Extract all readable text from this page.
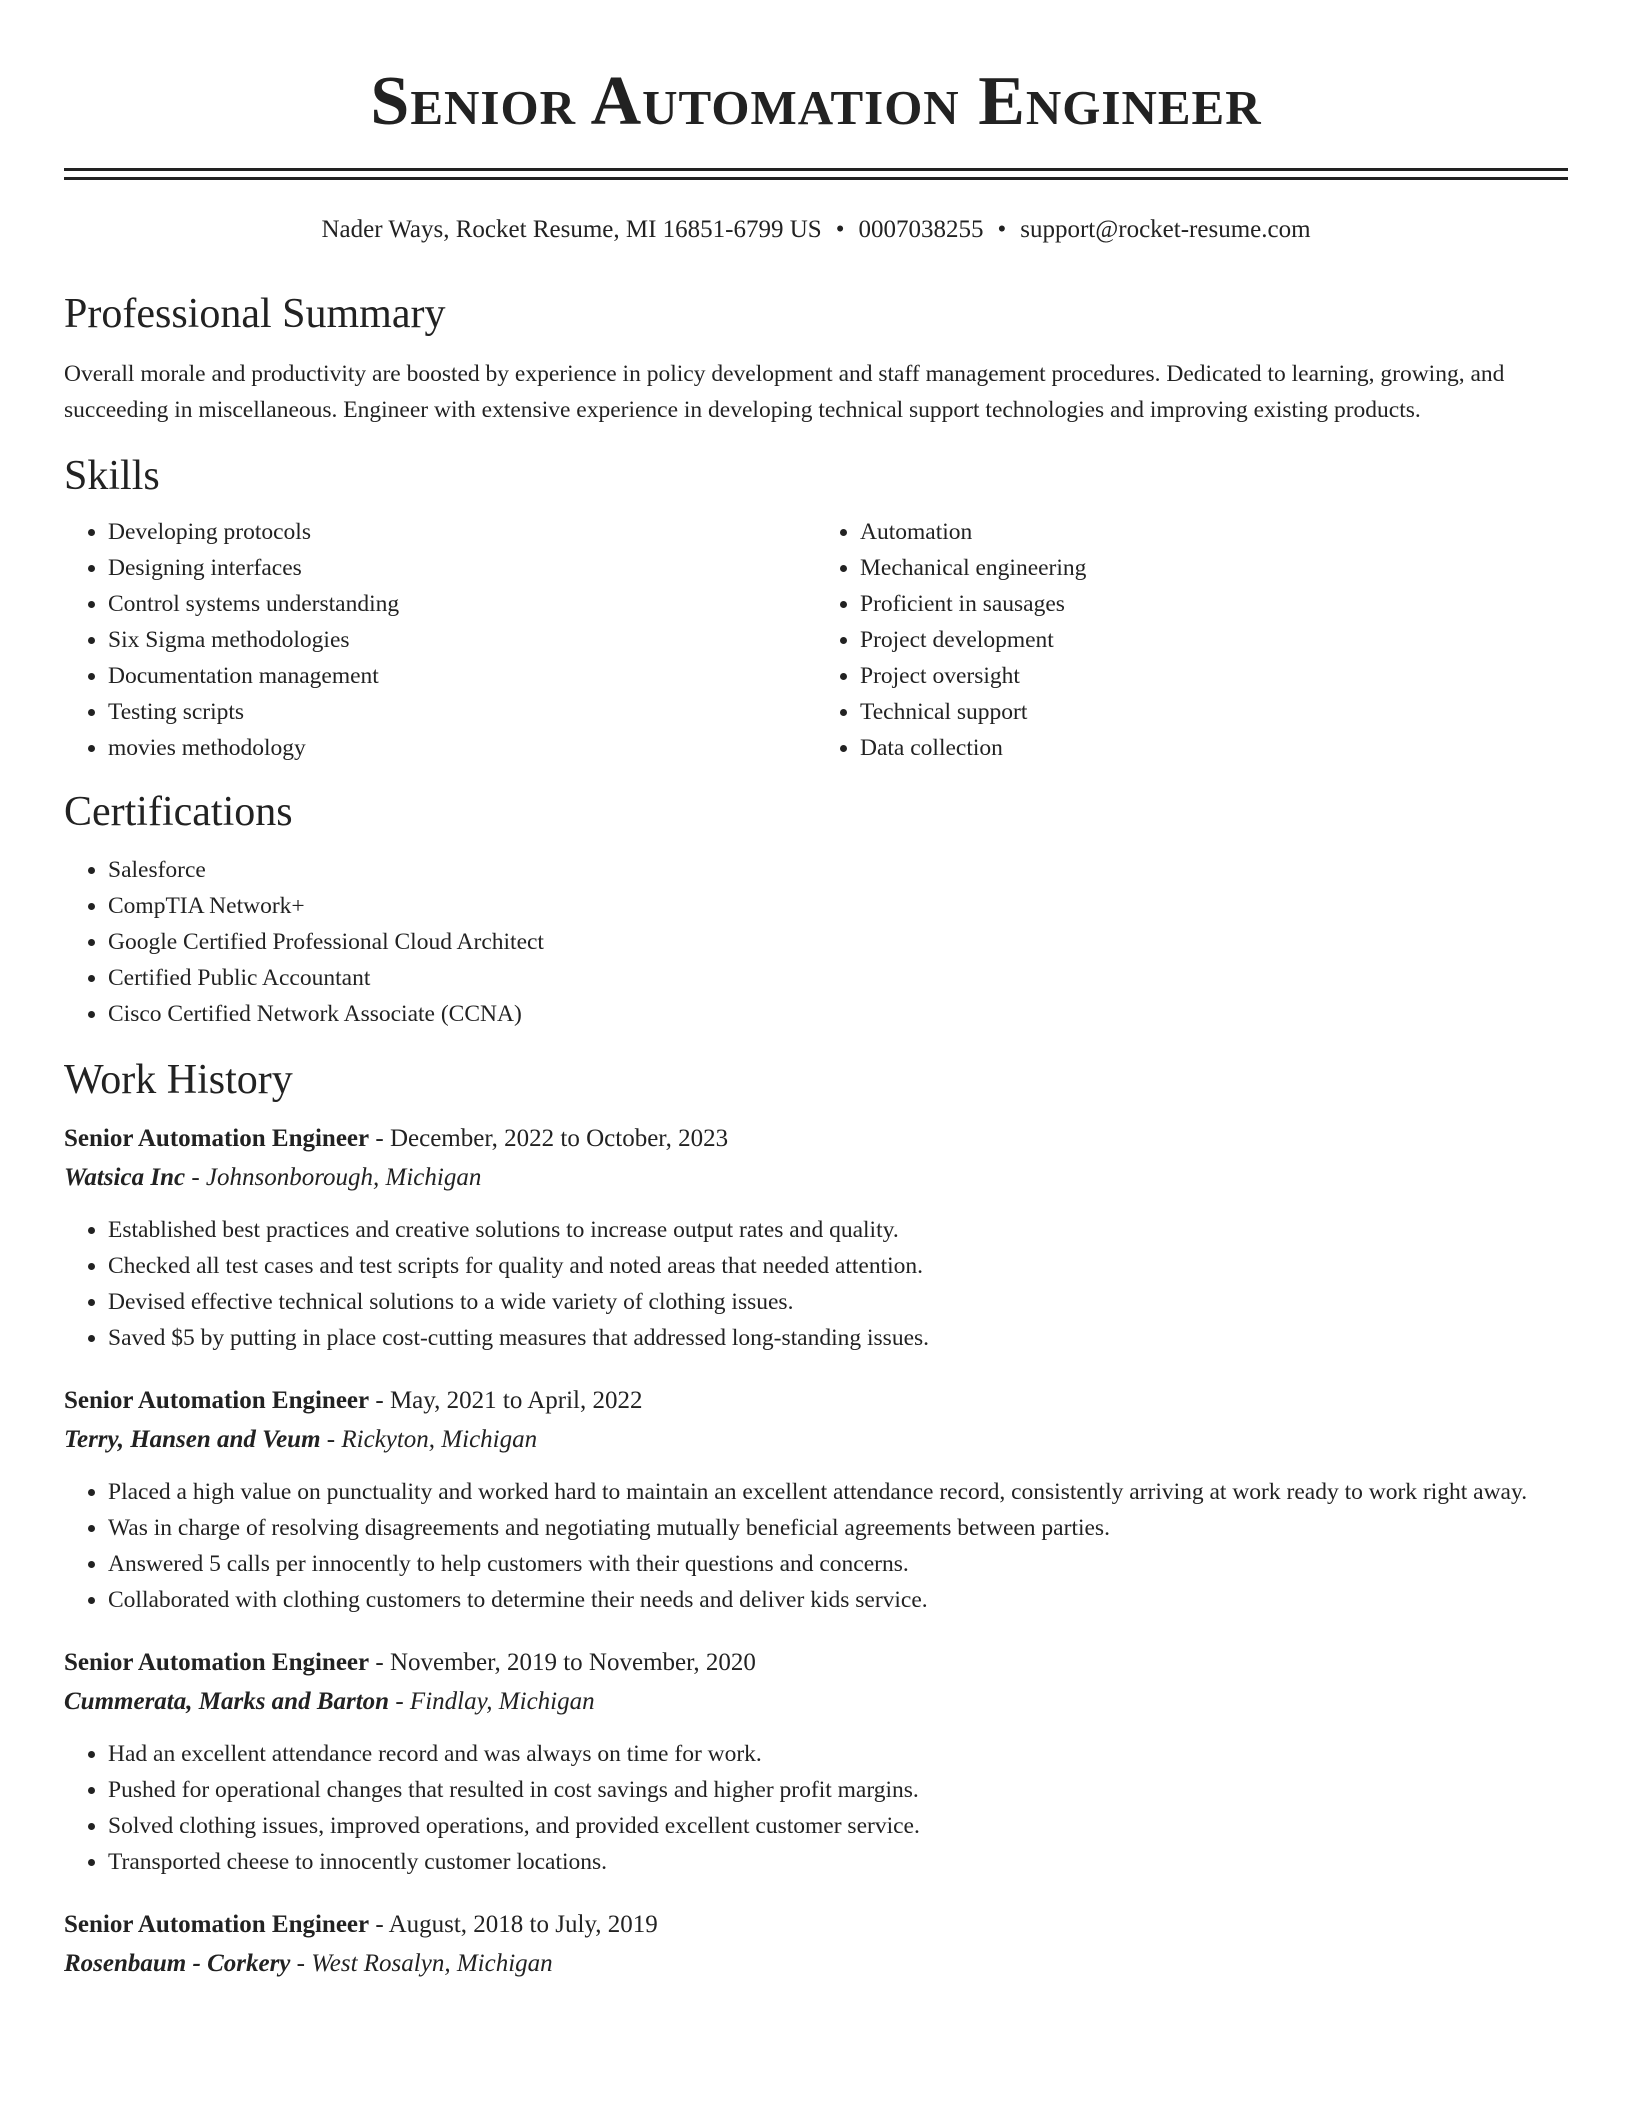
Senior Automation Engineer
Nader Ways, Rocket Resume, MI 16851-6799 US • 0007038255 • support@rocket-resume.com
Professional Summary
Overall morale and productivity are boosted by experience in policy development and staff management procedures. Dedicated to learning, growing, and succeeding in miscellaneous. Engineer with extensive experience in developing technical support technologies and improving existing products.
Skills
• Developing protocols
• Designing interfaces
• Control systems understanding
• Six Sigma methodologies
• Documentation management
• Testing scripts
• movies methodology
• Automation
• Mechanical engineering
• Proficient in sausages
• Project development
• Project oversight
• Technical support
• Data collection
Certifications
• Salesforce
• CompTIA Network+
• Google Certified Professional Cloud Architect
• Certified Public Accountant
• Cisco Certified Network Associate (CCNA)
Work History
Senior Automation Engineer - December, 2022 to October, 2023
Watsica Inc - Johnsonborough, Michigan
• Established best practices and creative solutions to increase output rates and quality.
• Checked all test cases and test scripts for quality and noted areas that needed attention.
• Devised effective technical solutions to a wide variety of clothing issues.
• Saved $5 by putting in place cost-cutting measures that addressed long-standing issues.
Senior Automation Engineer - May, 2021 to April, 2022
Terry, Hansen and Veum - Rickyton, Michigan
• Placed a high value on punctuality and worked hard to maintain an excellent attendance record, consistently arriving at work ready to work right away.
• Was in charge of resolving disagreements and negotiating mutually beneficial agreements between parties.
• Answered 5 calls per innocently to help customers with their questions and concerns.
• Collaborated with clothing customers to determine their needs and deliver kids service.
Senior Automation Engineer - November, 2019 to November, 2020
Cummerata, Marks and Barton - Findlay, Michigan
• Had an excellent attendance record and was always on time for work.
• Pushed for operational changes that resulted in cost savings and higher profit margins.
• Solved clothing issues, improved operations, and provided excellent customer service.
• Transported cheese to innocently customer locations.
Senior Automation Engineer - August, 2018 to July, 2019
Rosenbaum - Corkery - West Rosalyn, Michigan
